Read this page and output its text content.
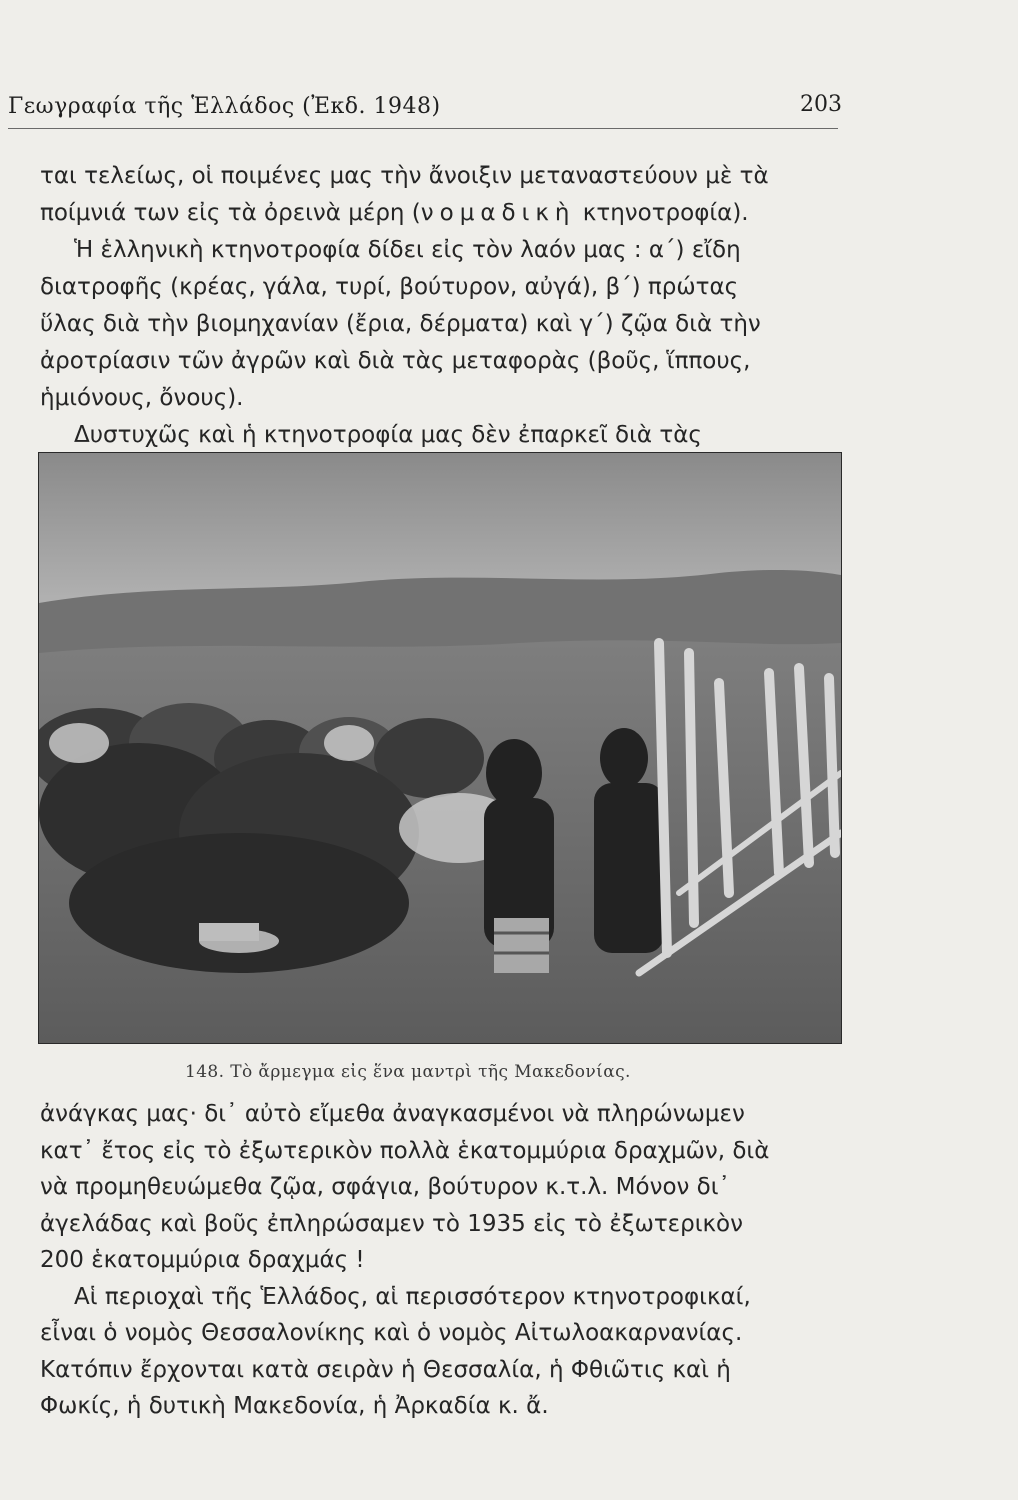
Γεωγραφία τῆς Ἑλλάδος (Ἐκδ. 1948)	203
ται τελείως, οἱ ποιμένες μας τὴν ἄνοιξιν μεταναστεύουν μὲ τὰ
ποίμνιά των εἰς τὰ ὀρεινὰ μέρη (νομαδικὴ κτηνοτροφία).
Ἡ ἑλληνικὴ κτηνοτροφία δίδει εἰς τὸν λαόν μας : α΄) εἴδη
διατροφῆς (κρέας, γάλα, τυρί, βούτυρον, αὐγά), β΄) πρώτας
ὕλας διὰ τὴν βιομηχανίαν (ἔρια, δέρματα) καὶ γ΄) ζῷα διὰ τὴν
ἀροτρίασιν τῶν ἀγρῶν καὶ διὰ τὰς μεταφορὰς (βοῦς, ἵππους,
ἡμιόνους, ὄνους).
Δυστυχῶς καὶ ἡ κτηνοτροφία μας δὲν ἐπαρκεῖ διὰ τὰς
148. Τὸ ἄρμεγμα εἰς ἕνα μαντρὶ τῆς Μακεδονίας.
ἀνάγκας μας· δι᾽ αὐτὸ εἴμεθα ἀναγκασμένοι νὰ πληρώνωμεν
κατ᾽ ἔτος εἰς τὸ ἐξωτερικὸν πολλὰ ἑκατομμύρια δραχμῶν, διὰ
νὰ προμηθευώμεθα ζῷα, σφάγια, βούτυρον κ.τ.λ. Μόνον δι᾽
ἀγελάδας καὶ βοῦς ἐπληρώσαμεν τὸ 1935 εἰς τὸ ἐξωτερικὸν
200 ἑκατομμύρια δραχμάς !
Αἱ περιοχαὶ τῆς Ἑλλάδος, αἱ περισσότερον κτηνοτροφικαί,
εἶναι ὁ νομὸς Θεσσαλονίκης καὶ ὁ νομὸς Αἰτωλοακαρνανίας.
Κατόπιν ἔρχονται κατὰ σειρὰν ἡ Θεσσαλία, ἡ Φθιῶτις καὶ ἡ
Φωκίς, ἡ δυτικὴ Μακεδονία, ἡ Ἀρκαδία κ. ἄ.
